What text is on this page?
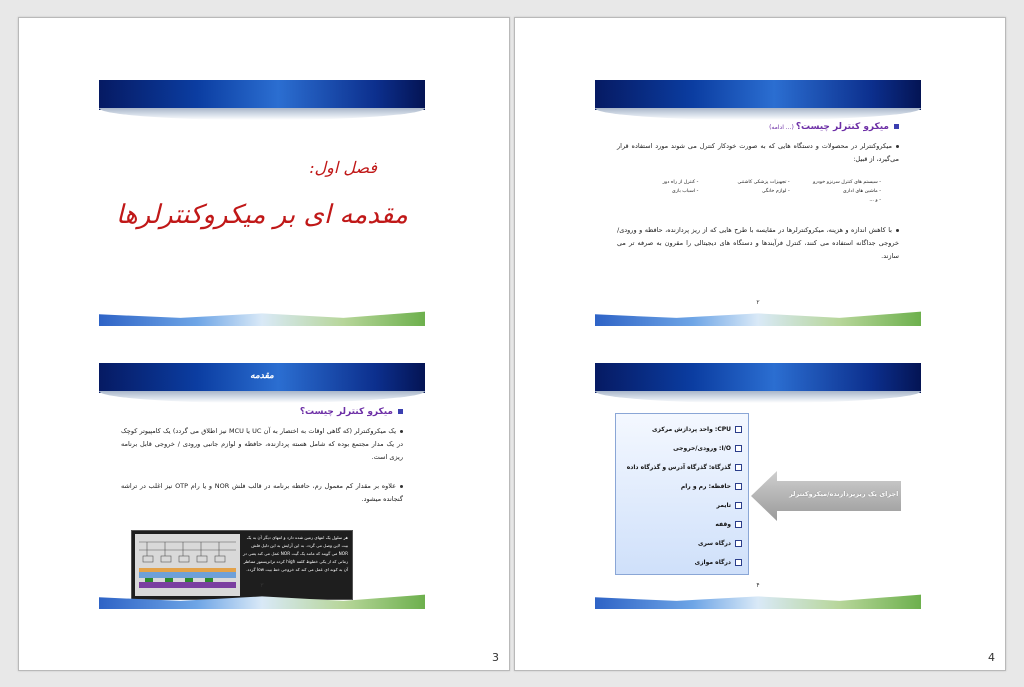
فصل اول:
مقدمه ای بر میکروکنترلرها
مقدمه
میکرو کنترلر چیست؟
یک میکروکنترلر (که گاهی اوقات به اختصار به آن UC یا MCU نیز اطلاق می گردد) یک کامپیوتر کوچک در یک مدار مجتمع بوده که شامل هسته پردازنده، حافظه و لوازم جانبی ورودی / خروجی قابل برنامه ریزی است.
علاوه بر مقدار کم معمول رم، حافظه برنامه در قالب فلش NOR و یا رام OTP نیز اغلب در تراشه گنجانده میشود.
هر سلول یک انتهای زمین شده دارد و انتهای دیگر آن به یک بیت لاین وصل می گردد. به این آرایش به این دلیل فلش NOR می گویند که مانند یک گیت NOR عمل می کند یعنی در زمانی که از یکی خطوط کلمه high کرده ترانزیستور متناظر آن به کونه ای عمل می کند که خروجی خط بیت low گردد.
۳
3
میکرو کنترلر چیست؟(... ادامه)
میکروکنترلر در محصولات و دستگاه هایی که به صورت خودکار کنترل می شوند مورد استفاده قرار می‌گیرد، از قبیل:
- سیستم های کنترل سرنزو خودرو
- تجهیزات پزشکی کاشتنی
- کنترل از راه دور
- ماشین های اداری
- لوازم خانگی
- اسباب بازی
- و ...
با کاهش اندازه و هزینه، میکروکنترلرها در مقایسه با طرح هایی که از ریز پردازنده، حافظه و ورودی/خروجی جداگانه استفاده می کنند، کنترل فرآیندها و دستگاه های دیجیتالی را مقرون به صرفه تر می سازند.
۲
CPU: واحد پردازش مرکزی
I/O: ورودی/خروجی
گذرگاه: گذرگاه آدرس و گذرگاه داده
حافظه: رم و رام
تایمر
وقفه
درگاه سری
درگاه موازی
اجزای یک ریزپردازنده/میکروکنترلر
۴
4
